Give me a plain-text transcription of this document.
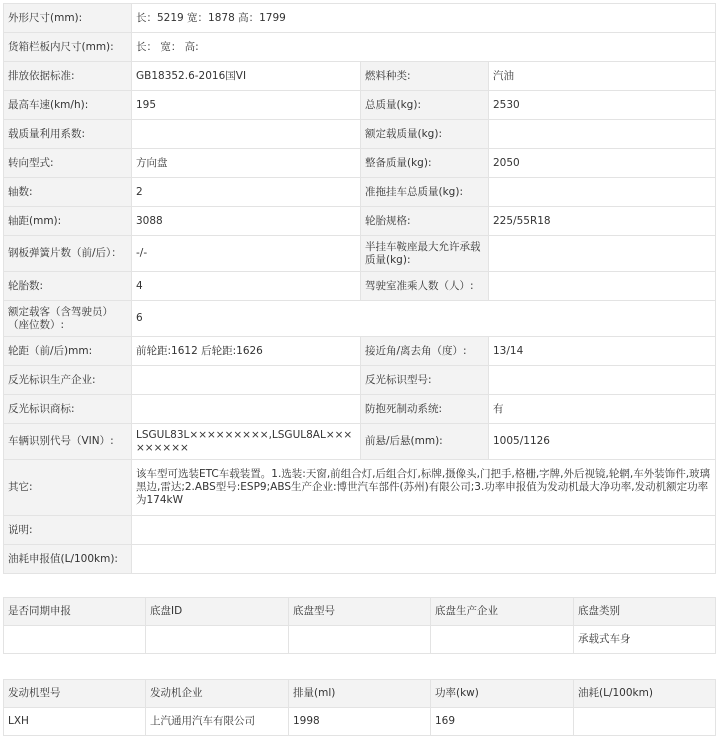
外形尺寸(mm):	长：5219 宽：1878 高：1799		
货箱栏板内尺寸(mm):	长： 宽： 高:		
排放依据标准:	GB18352.6-2016国VI	燃料种类:	汽油
最高车速(km/h):	195	总质量(kg):	2530
载质量利用系数:		额定载质量(kg):	
转向型式:	方向盘	整备质量(kg):	2050
轴数:	2	准拖挂车总质量(kg):	
轴距(mm):	3088	轮胎规格:	225/55R18
钢板弹簧片数（前/后）：	-/-	半挂车鞍座最大允许承载质量(kg):	
轮胎数:	4	驾驶室准乘人数（人）:	
额定载客（含驾驶员）（座位数）:	6		
轮距（前/后)mm:	前轮距:1612 后轮距:1626	接近角/离去角（度）:	13/14
反光标识生产企业:		反光标识型号:	
反光标识商标:		防抱死制动系统:	有
车辆识别代号（VIN）:	LSGUL83L×××××××××,LSGUL8AL×××××××××	前悬/后悬(mm):	1005/1126
其它:	该车型可选装ETC车载装置。1.选装:天窗,前组合灯,后组合灯,标牌,摄像头,门把手,格栅,字牌,外后视镜,轮辋,车外装饰件,玻璃黑边,雷达;2.ABS型号:ESP9;ABS生产企业:博世汽车部件(苏州)有限公司;3.功率申报值为发动机最大净功率,发动机额定功率为174kW		
说明:			
油耗申报值(L/100km):			
是否同期申报	底盘ID	底盘型号	底盘生产企业	底盘类别
				承载式车身
发动机型号	发动机企业	排量(ml)	功率(kw)	油耗(L/100km)
LXH	上汽通用汽车有限公司	1998	169	
